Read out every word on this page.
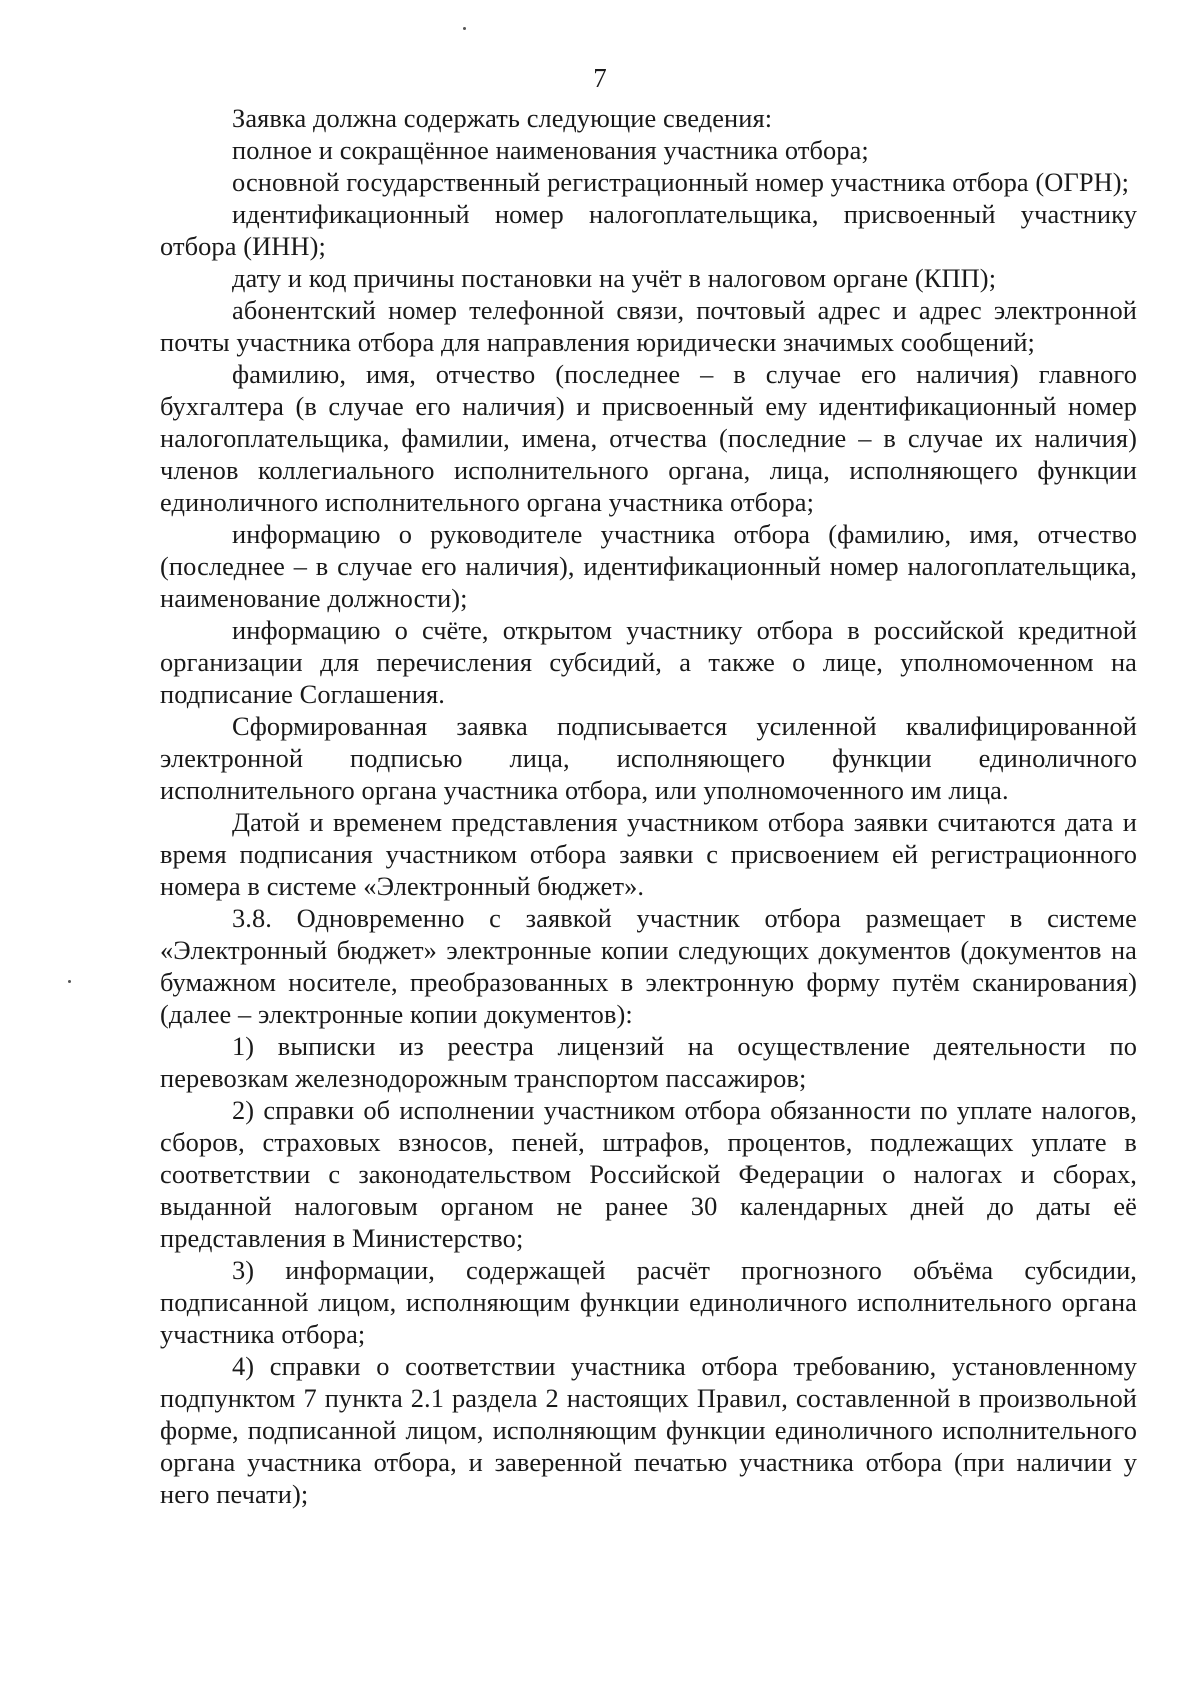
7

Заявка должна содержать следующие сведения:

полное и сокращённое наименования участника отбора;

основной государственный регистрационный номер участника отбора (ОГРН);

идентификационный номер налогоплательщика, присвоенный участнику отбора (ИНН);

дату и код причины постановки на учёт в налоговом органе (КПП);

абонентский номер телефонной связи, почтовый адрес и адрес электронной почты участника отбора для направления юридически значимых сообщений;

фамилию, имя, отчество (последнее – в случае его наличия) главного бухгалтера (в случае его наличия) и присвоенный ему идентификационный номер налогоплательщика, фамилии, имена, отчества (последние – в случае их наличия) членов коллегиального исполнительного органа, лица, исполняющего функции единоличного исполнительного органа участника отбора;

информацию о руководителе участника отбора (фамилию, имя, отчество (последнее – в случае его наличия), идентификационный номер налогоплательщика, наименование должности);

информацию о счёте, открытом участнику отбора в российской кредитной организации для перечисления субсидий, а также о лице, уполномоченном на подписание Соглашения.

Сформированная заявка подписывается усиленной квалифицированной электронной подписью лица, исполняющего функции единоличного исполнительного органа участника отбора, или уполномоченного им лица.

Датой и временем представления участником отбора заявки считаются дата и время подписания участником отбора заявки с присвоением ей регистрационного номера в системе «Электронный бюджет».

3.8. Одновременно с заявкой участник отбора размещает в системе «Электронный бюджет» электронные копии следующих документов (документов на бумажном носителе, преобразованных в электронную форму путём сканирования) (далее – электронные копии документов):

1) выписки из реестра лицензий на осуществление деятельности по перевозкам железнодорожным транспортом пассажиров;

2) справки об исполнении участником отбора обязанности по уплате налогов, сборов, страховых взносов, пеней, штрафов, процентов, подлежащих уплате в соответствии с законодательством Российской Федерации о налогах и сборах, выданной налоговым органом не ранее 30 календарных дней до даты её представления в Министерство;

3) информации, содержащей расчёт прогнозного объёма субсидии, подписанной лицом, исполняющим функции единоличного исполнительного органа участника отбора;

4) справки о соответствии участника отбора требованию, установленному подпунктом 7 пункта 2.1 раздела 2 настоящих Правил, составленной в произвольной форме, подписанной лицом, исполняющим функции единоличного исполнительного органа участника отбора, и заверенной печатью участника отбора (при наличии у него печати);
